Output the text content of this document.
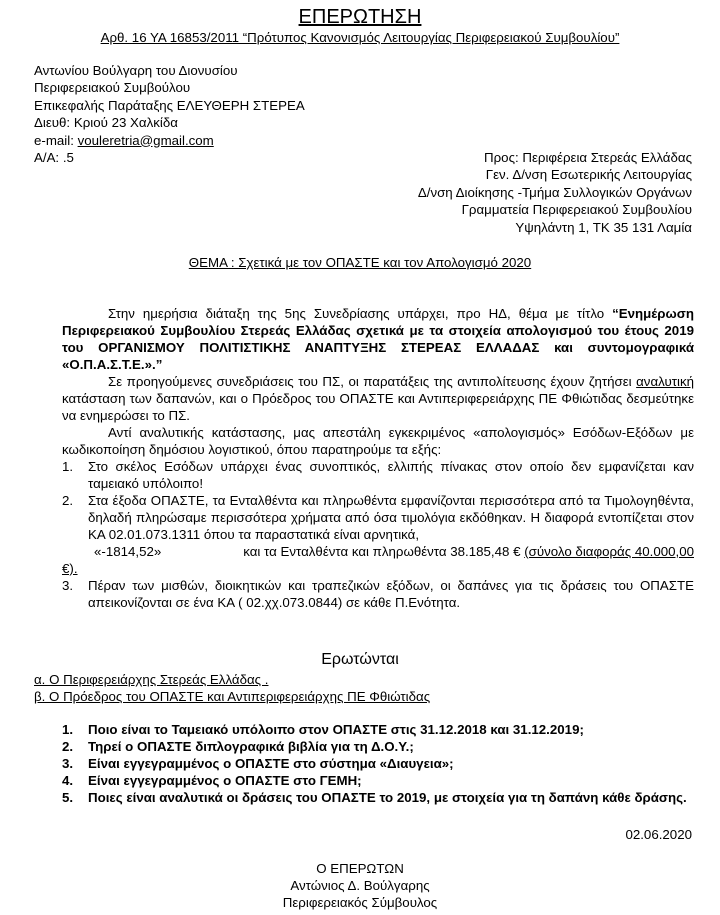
ΕΠΕΡΩΤΗΣΗ
Αρθ. 16 ΥΑ 16853/2011 “Πρότυπος Κανονισμός Λειτουργίας Περιφερειακού Συμβουλίου”
Αντωνίου Βούλγαρη του Διονυσίου
Περιφερειακού Συμβούλου
Επικεφαλής Παράταξης ΕΛΕΥΘΕΡΗ ΣΤΕΡΕΑ
Διευθ: Κριού 23 Χαλκίδα
e-mail: vouleretria@gmail.com
Α/Α: .5	Προς: Περιφέρεια Στερεάς Ελλάδας
Γεν. Δ/νση Εσωτερικής Λειτουργίας
Δ/νση Διοίκησης -Τμήμα Συλλογικών Οργάνων
Γραμματεία Περιφερειακού Συμβουλίου
Υψηλάντη 1, ΤΚ 35 131 Λαμία
ΘΕΜΑ : Σχετικά με τον ΟΠΑΣΤΕ και τον Απολογισμό 2020

Στην ημερήσια διάταξη της 5ης Συνεδρίασης υπάρχει, προ ΗΔ, θέμα με τίτλο “Ενημέρωση Περιφερειακού Συμβουλίου Στερεάς Ελλάδας σχετικά με τα στοιχεία απολογισμού του έτους 2019 του ΟΡΓΑΝΙΣΜΟΥ ΠΟΛΙΤΙΣΤΙΚΗΣ ΑΝΑΠΤΥΞΗΣ ΣΤΕΡΕΑΣ ΕΛΛΑΔΑΣ και συντομογραφικά «Ο.Π.Α.Σ.Τ.Ε.».”

Σε προηγούμενες συνεδριάσεις του ΠΣ, οι παρατάξεις της αντιπολίτευσης έχουν ζητήσει αναλυτική κατάσταση των δαπανών, και ο Πρόεδρος του ΟΠΑΣΤΕ και Αντιπεριφερειάρχης ΠΕ Φθιώτιδας δεσμεύτηκε να ενημερώσει το ΠΣ.

Αντί αναλυτικής κατάστασης, μας απεστάλη εγκεκριμένος «απολογισμός» Εσόδων-Εξόδων με κωδικοποίηση δημόσιου λογιστικού, όπου παρατηρούμε τα εξής:

1. Στο σκέλος Εσόδων υπάρχει ένας συνοπτικός, ελλιπής πίνακας στον οποίο δεν εμφανίζεται καν ταμειακό υπόλοιπο!
2. Στα έξοδα ΟΠΑΣΤΕ, τα Ενταλθέντα και πληρωθέντα εμφανίζονται περισσότερα από τα Τιμολογηθέντα, δηλαδή πληρώσαμε περισσότερα χρήματα από όσα τιμολόγια εκδόθηκαν. Η διαφορά εντοπίζεται στον ΚΑ 02.01.073.1311 όπου τα παραστατικά είναι αρνητικά,
«-1814,52»	και τα Ενταλθέντα και πληρωθέντα 38.185,48 € (σύνολο διαφοράς 40.000,00
€).
3. Πέραν των μισθών, διοικητικών και τραπεζικών εξόδων, οι δαπάνες για τις δράσεις του ΟΠΑΣΤΕ απεικονίζονται σε ένα ΚΑ ( 02.χχ.073.0844) σε κάθε Π.Ενότητα.
Ερωτώνται
α. Ο Περιφερειάρχης Στερεάς Ελλάδας .
β. Ο Πρόεδρος του ΟΠΑΣΤΕ και Αντιπεριφερειάρχης ΠΕ Φθιώτιδας
1. Ποιο είναι το Ταμειακό υπόλοιπο στον ΟΠΑΣΤΕ στις 31.12.2018 και 31.12.2019;
2. Τηρεί ο ΟΠΑΣΤΕ διπλογραφικά βιβλία για τη Δ.Ο.Υ.;
3. Είναι εγγεγραμμένος ο ΟΠΑΣΤΕ στο σύστημα «Διαυγεια»;
4. Είναι εγγεγραμμένος ο ΟΠΑΣΤΕ στο ΓΕΜΗ;
5. Ποιες είναι αναλυτικά οι δράσεις του ΟΠΑΣΤΕ το 2019, με στοιχεία για τη δαπάνη κάθε δράσης.
02.06.2020
Ο ΕΠΕΡΩΤΩΝ
Αντώνιος Δ. Βούλγαρης
Περιφερειακός Σύμβουλος
